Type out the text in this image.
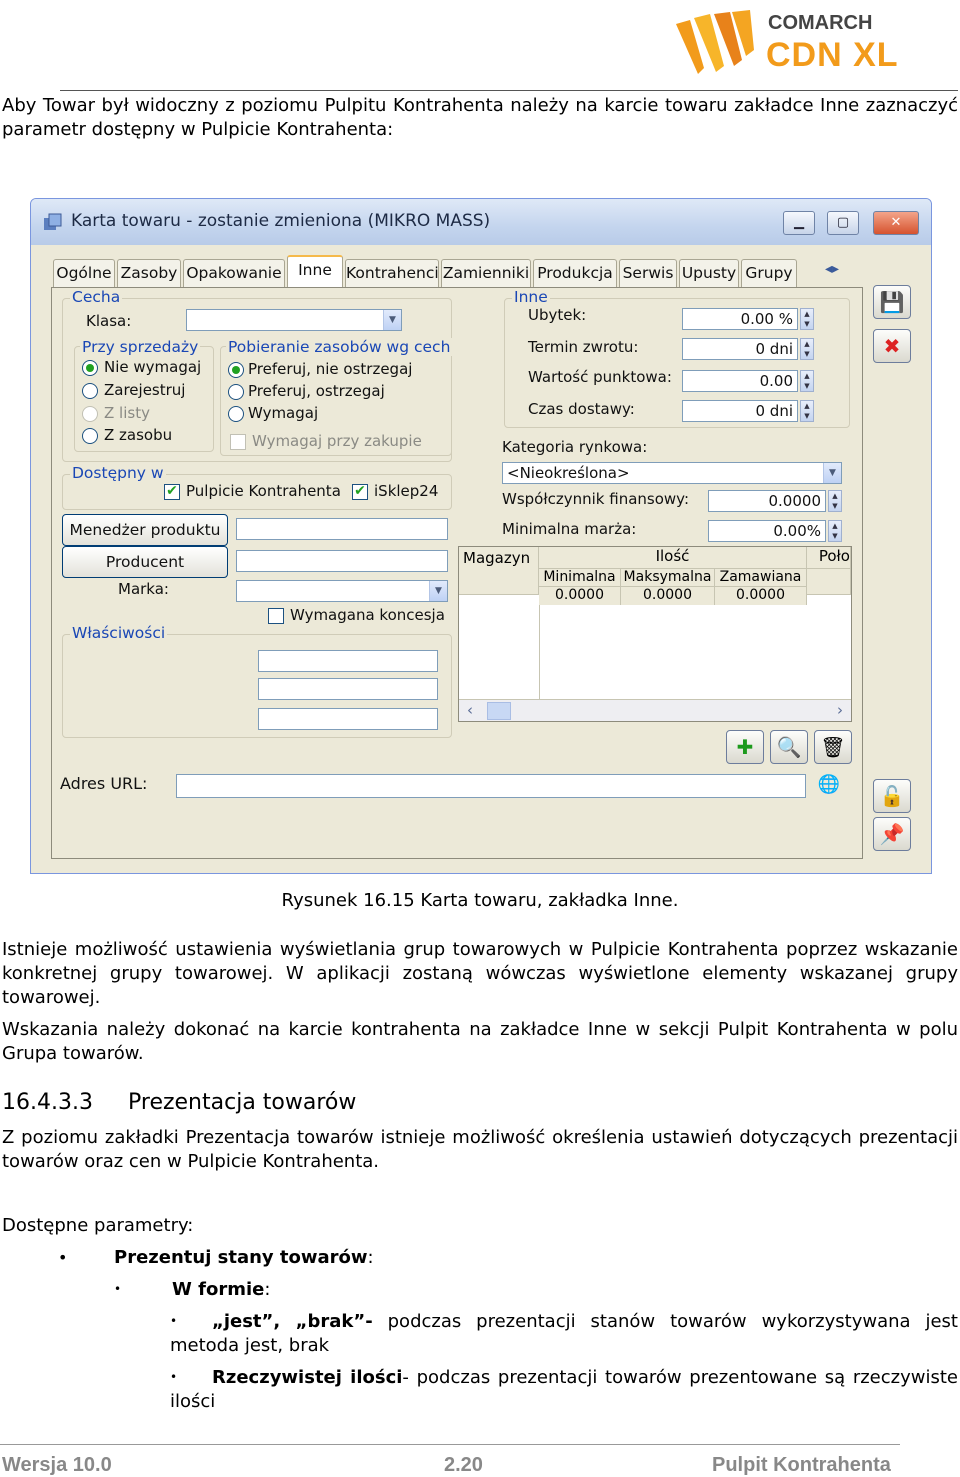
COMARCH
CDN XL
Aby Towar był widoczny z poziomu Pulpitu Kontrahenta należy na karcie towaru zakładce Inne zaznaczyć parametr dostępny w Pulpicie Kontrahenta:
Karta towaru - zostanie zmieniona (MIKRO MASS)	▁	▢	✕
Ogólne Zasoby Opakowanie	Inne Kontrahenci Zamienniki Produkcja Serwis Upusty Grupy	◂▸
Cecha
Klasa:	▼
Przy sprzedaży
Nie wymagaj
Zarejestruj
Z listy
Z zasobu
Pobieranie zasobów wg cech
Preferuj, nie ostrzegaj
Preferuj, ostrzegaj
Wymagaj
Wymagaj przy zakupie
Dostępny w
✔ Pulpicie Kontrahenta ✔ iSklep24
Menedżer produktu
Producent
Marka:	▼
Wymagana koncesja
Właściwości
Inne
Ubytek:	0.00 %	▲
▼
Termin zwrotu:	0 dni	▲
▼
Wartość punktowa:	0.00	▲
▼
Czas dostawy:	0 dni	▲
▼
Kategoria rynkowa:
<Nieokreślona>	▼
Współczynnik finansowy:	0.0000	▲
▼
Minimalna marża:	0.00%	▲
▼
Magazyn	Ilość	Poło
Minimalna Maksymalna Zamawiana
0.0000	0.0000	0.0000
‹	›
✚	🔍 🗑
Adres URL:	🌐
💾
✖
🔓
📌
Rysunek 16.15 Karta towaru, zakładka Inne.
Istnieje możliwość ustawienia wyświetlania grup towarowych w Pulpicie Kontrahenta poprzez wskazanie konkretnej grupy towarowej. W aplikacji zostaną wówczas wyświetlone elementy wskazanej grupy towarowej.
Wskazania należy dokonać na karcie kontrahenta na zakładce Inne w sekcji Pulpit Kontrahenta w polu Grupa towarów.
16.4.3.3 Prezentacja towarów
Z poziomu zakładki Prezentacja towarów istnieje możliwość określenia ustawień dotyczących prezentacji towarów oraz cen w Pulpicie Kontrahenta.
Dostępne parametry:
•	Prezentuj stany towarów:
•	W formie:
•	„jest”, „brak”- podczas prezentacji stanów towarów wykorzystywana jest metoda jest, brak
•	Rzeczywistej ilości- podczas prezentacji towarów prezentowane są rzeczywiste ilości
Wersja 10.0	2.20	Pulpit Kontrahenta
